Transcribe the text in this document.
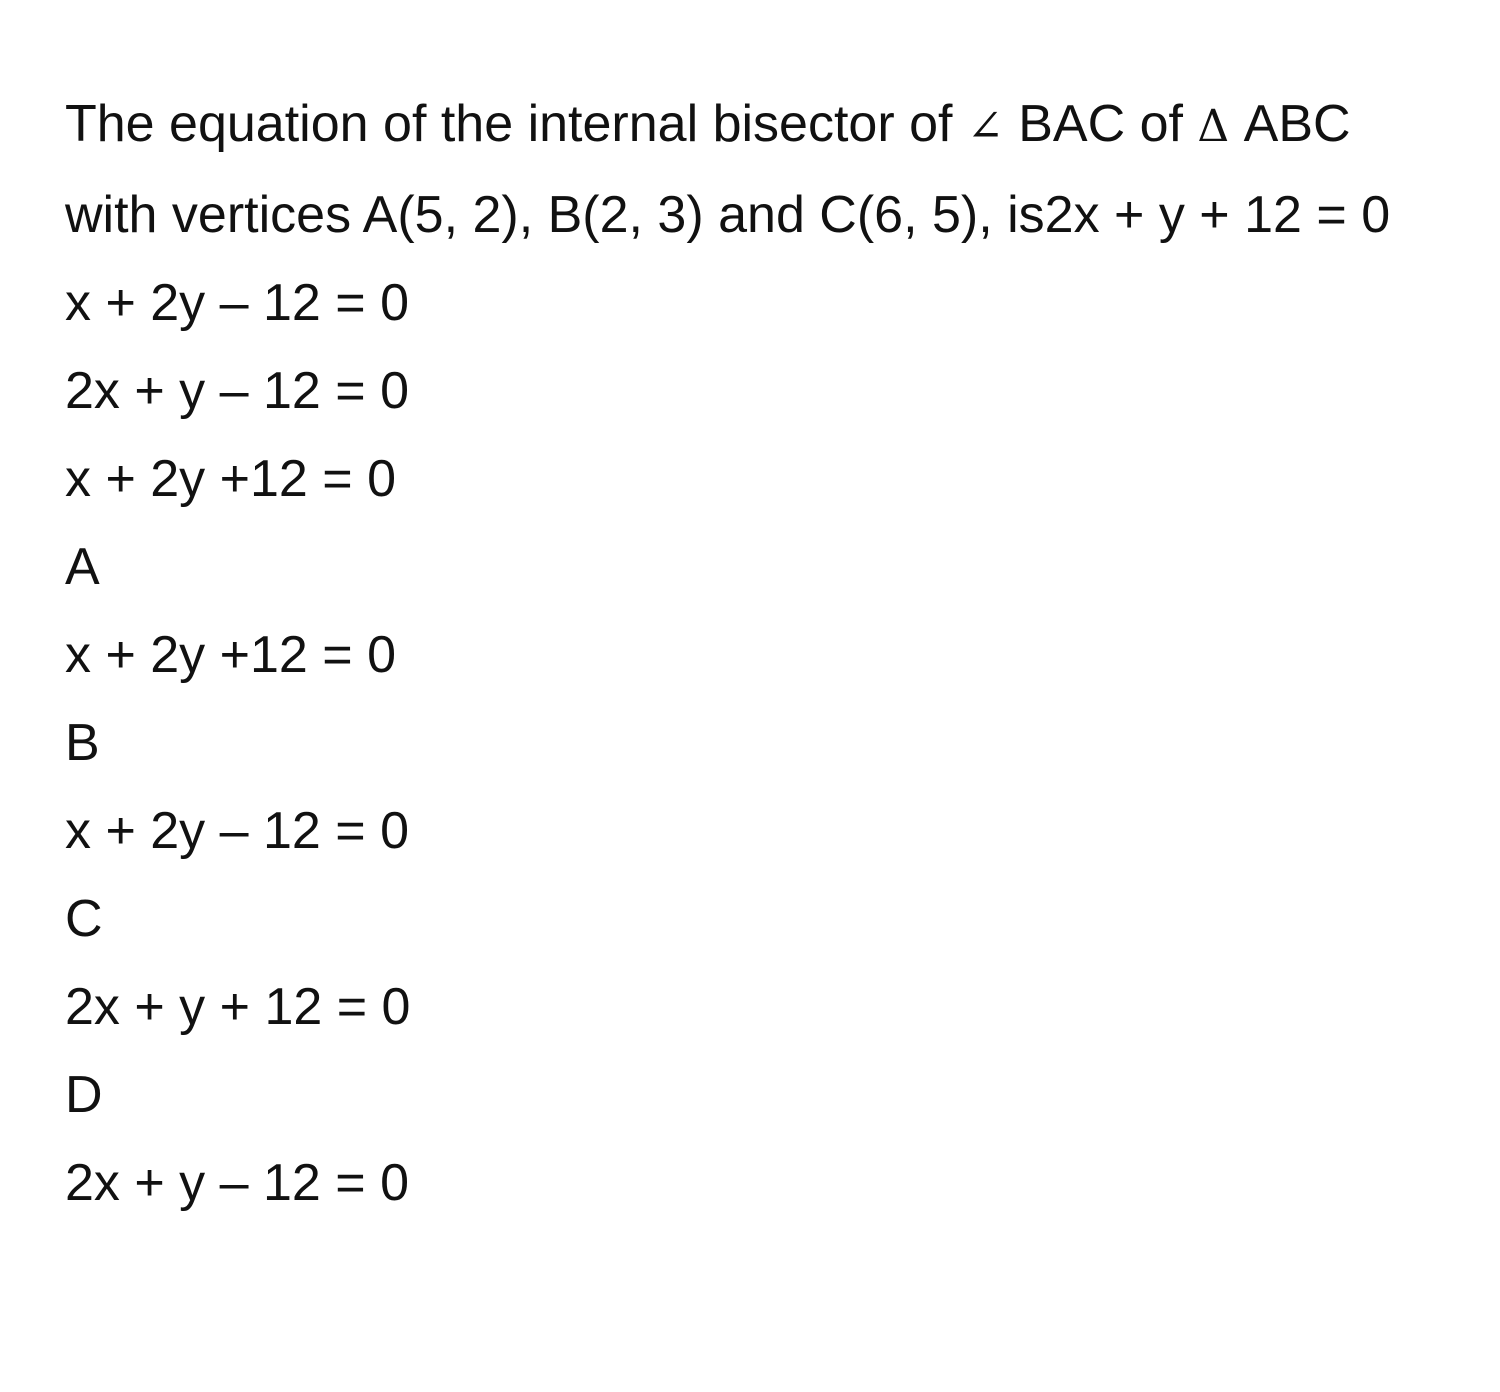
The equation of the internal bisector of ∠ BAC of Δ ABC with vertices A(5, 2), B(2, 3) and C(6, 5), is2x + y + 12 = 0

x + 2y – 12 = 0
2x + y – 12 = 0
x + 2y +12 = 0
A
x + 2y +12 = 0
B
x + 2y – 12 = 0
C
2x + y + 12 = 0
D
2x + y – 12 = 0
